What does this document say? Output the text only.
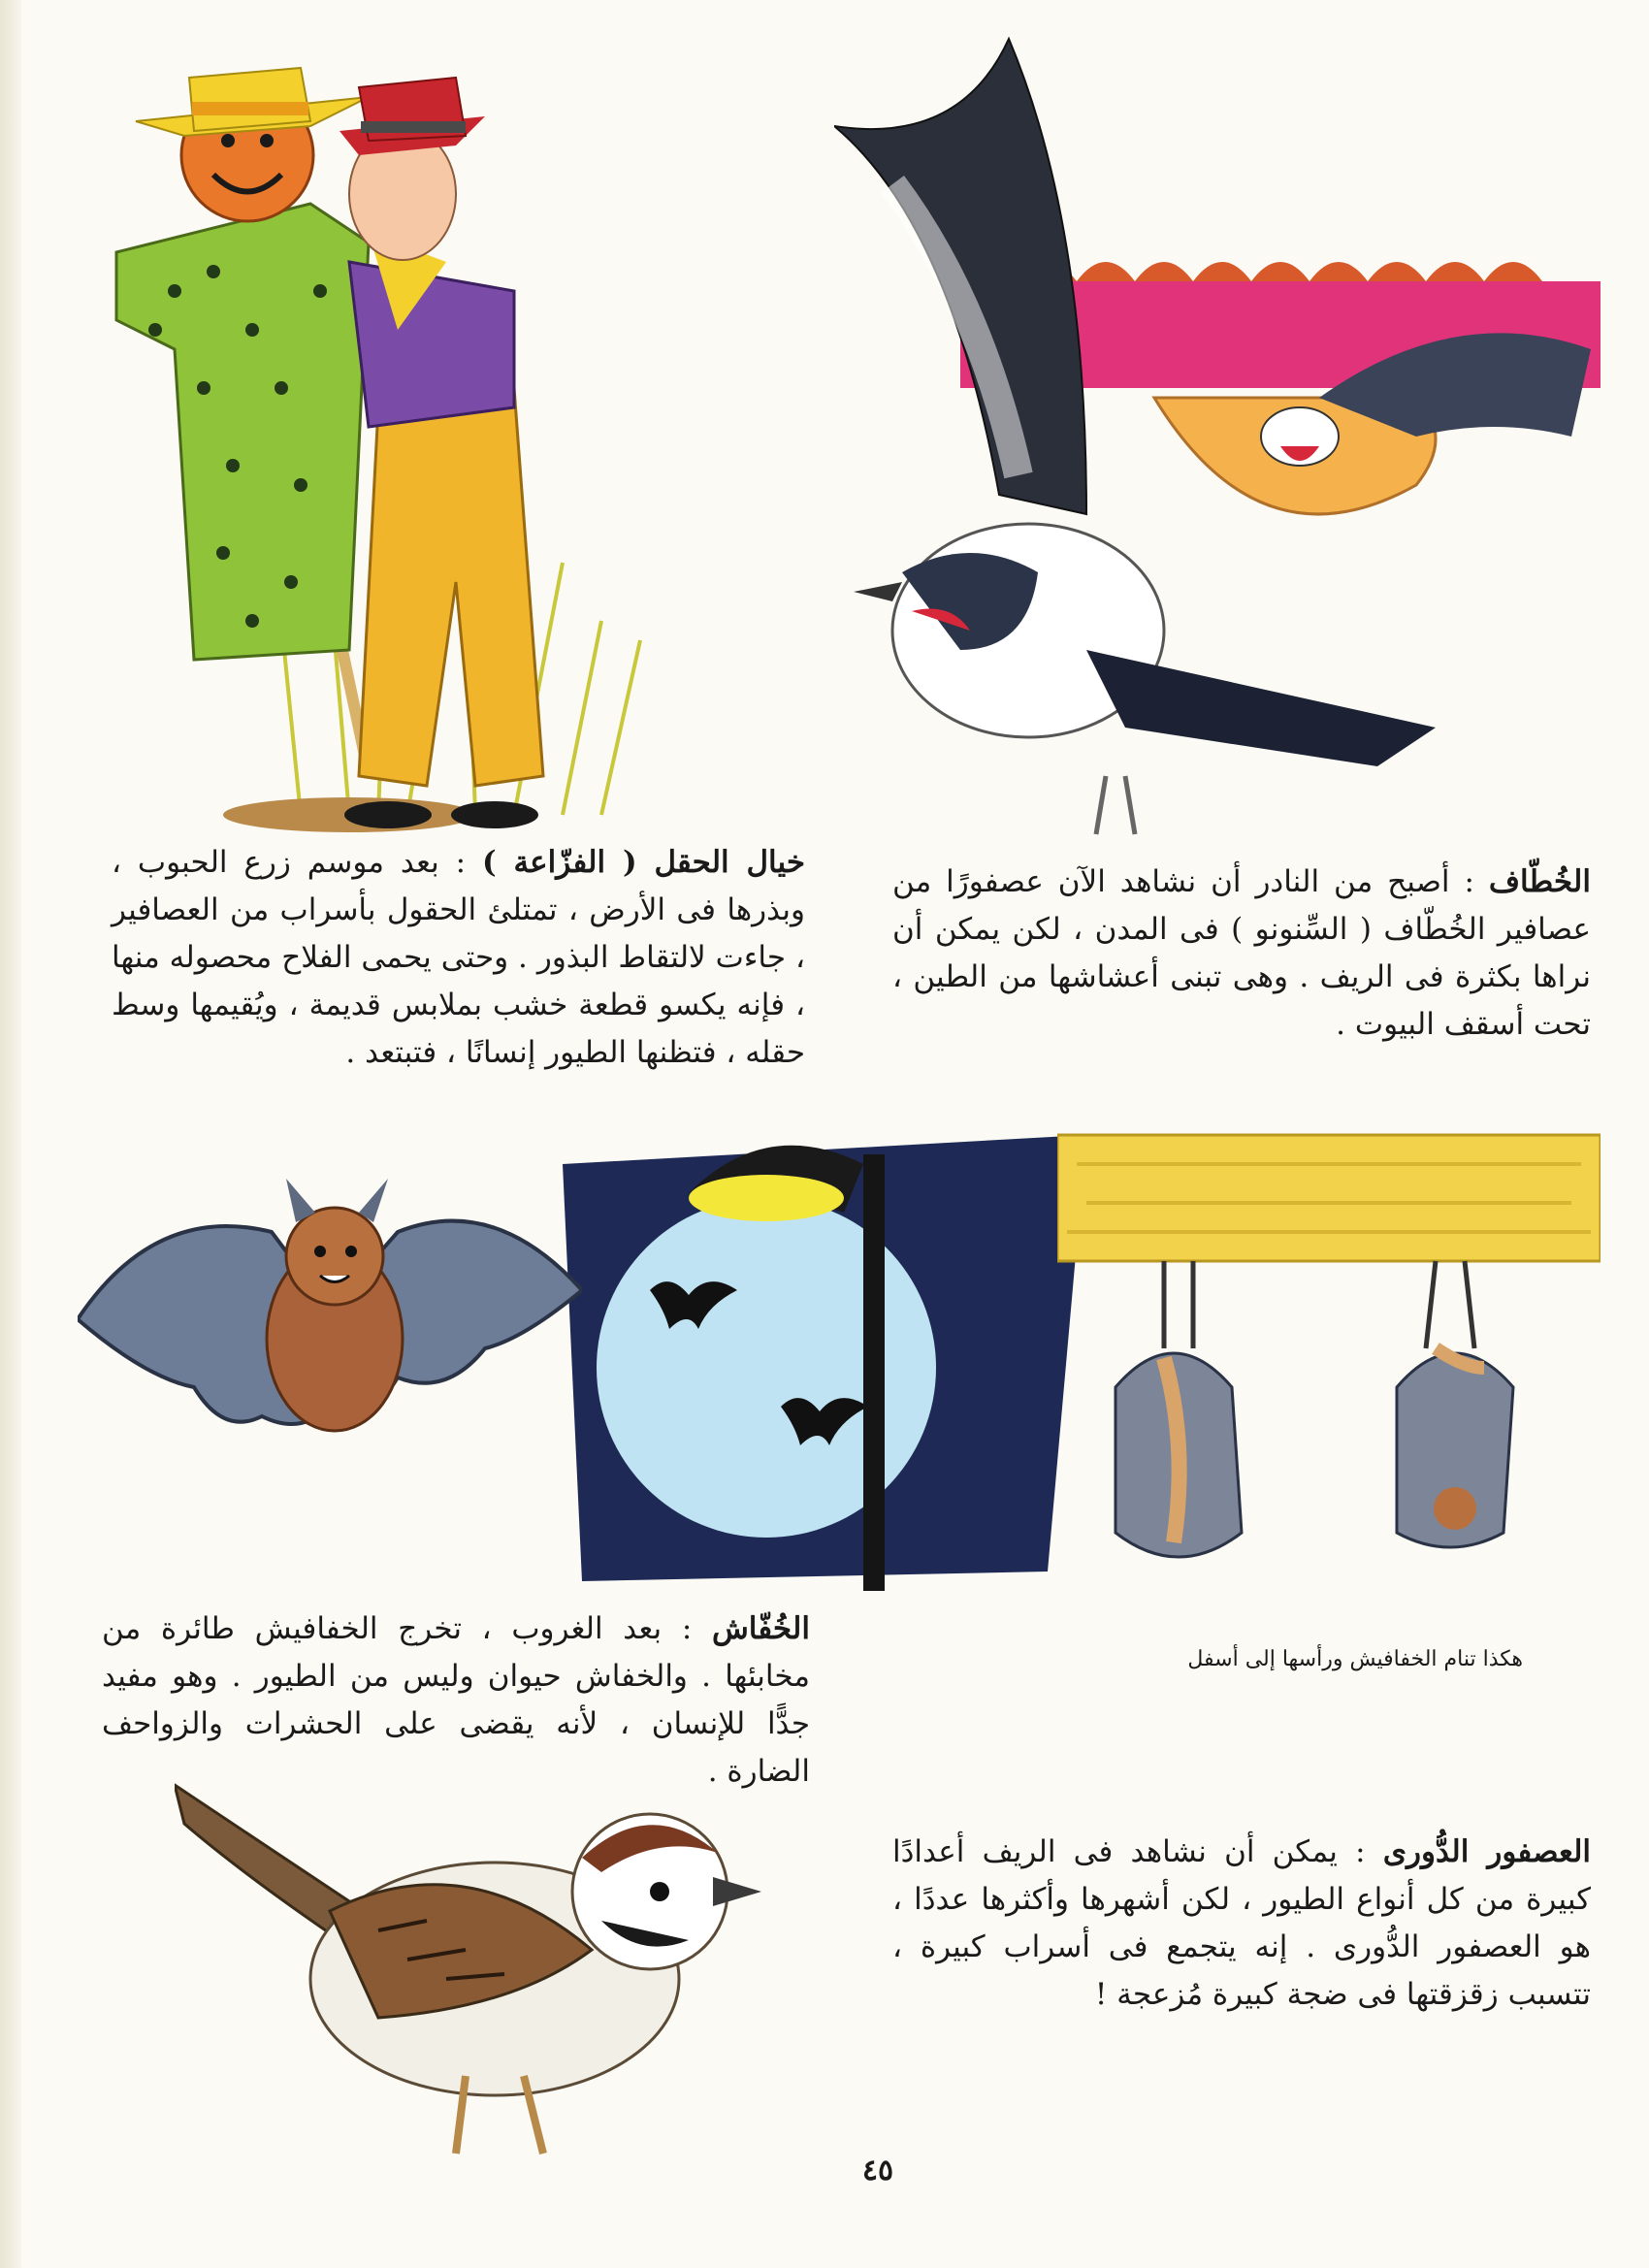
الخُطّاف : أصبح من النادر أن نشاهد الآن عصفورًا من عصافير الخُطّاف ( السِّنونو ) فى المدن ، لكن يمكن أن نراها بكثرة فى الريف . وهى تبنى أعشاشها من الطين ، تحت أسقف البيوت .

خيال الحقل ( الفزّاعة ) : بعد موسم زرع الحبوب ، وبذرها فى الأرض ، تمتلئ الحقول بأسراب من العصافير ، جاءت لالتقاط البذور . وحتى يحمى الفلاح محصوله منها ، فإنه يكسو قطعة خشب بملابس قديمة ، ويُقيمها وسط حقله ، فتظنها الطيور إنسانًا ، فتبتعد .

هكذا تنام الخفافيش ورأسها إلى أسفل

الخُفّاش : بعد الغروب ، تخرج الخفافيش طائرة من مخابئها . والخفاش حيوان وليس من الطيور . وهو مفيد جدًّا للإنسان ، لأنه يقضى على الحشرات والزواحف الضارة .

العصفور الدُّورى : يمكن أن نشاهد فى الريف أعدادًا كبيرة من كل أنواع الطيور ، لكن أشهرها وأكثرها عددًا ، هو العصفور الدُّورى . إنه يتجمع فى أسراب كبيرة ، تتسبب زقزقتها فى ضجة كبيرة مُزعجة !

٤٥
